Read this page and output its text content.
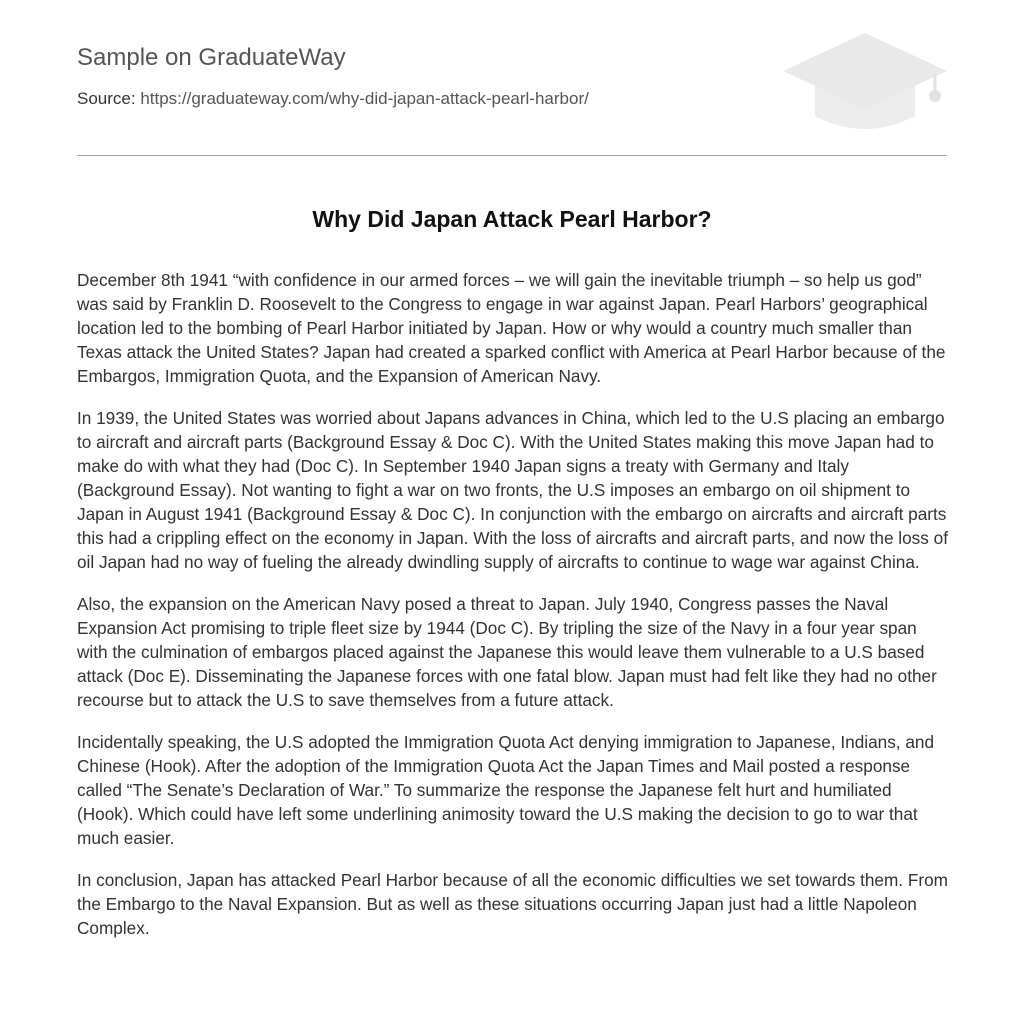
Sample on GraduateWay
Source: https://graduateway.com/why-did-japan-attack-pearl-harbor/
Why Did Japan Attack Pearl Harbor?

December 8th 1941 “with confidence in our armed forces – we will gain the inevitable triumph – so help us god” was said by Franklin D. Roosevelt to the Congress to engage in war against Japan. Pearl Harbors’ geographical location led to the bombing of Pearl Harbor initiated by Japan. How or why would a country much smaller than Texas attack the United States? Japan had created a sparked conflict with America at Pearl Harbor because of the Embargos, Immigration Quota, and the Expansion of American Navy.

In 1939, the United States was worried about Japans advances in China, which led to the U.S placing an embargo to aircraft and aircraft parts (Background Essay & Doc C). With the United States making this move Japan had to make do with what they had (Doc C). In September 1940 Japan signs a treaty with Germany and Italy (Background Essay). Not wanting to fight a war on two fronts, the U.S imposes an embargo on oil shipment to Japan in August 1941 (Background Essay & Doc C). In conjunction with the embargo on aircrafts and aircraft parts this had a crippling effect on the economy in Japan. With the loss of aircrafts and aircraft parts, and now the loss of oil Japan had no way of fueling the already dwindling supply of aircrafts to continue to wage war against China.

Also, the expansion on the American Navy posed a threat to Japan. July 1940, Congress passes the Naval Expansion Act promising to triple fleet size by 1944 (Doc C). By tripling the size of the Navy in a four year span with the culmination of embargos placed against the Japanese this would leave them vulnerable to a U.S based attack (Doc E). Disseminating the Japanese forces with one fatal blow. Japan must had felt like they had no other recourse but to attack the U.S to save themselves from a future attack.

Incidentally speaking, the U.S adopted the Immigration Quota Act denying immigration to Japanese, Indians, and Chinese (Hook). After the adoption of the Immigration Quota Act the Japan Times and Mail posted a response called “The Senate’s Declaration of War.” To summarize the response the Japanese felt hurt and humiliated (Hook). Which could have left some underlining animosity toward the U.S making the decision to go to war that much easier.

In conclusion, Japan has attacked Pearl Harbor because of all the economic difficulties we set towards them. From the Embargo to the Naval Expansion. But as well as these situations occurring Japan just had a little Napoleon Complex.
